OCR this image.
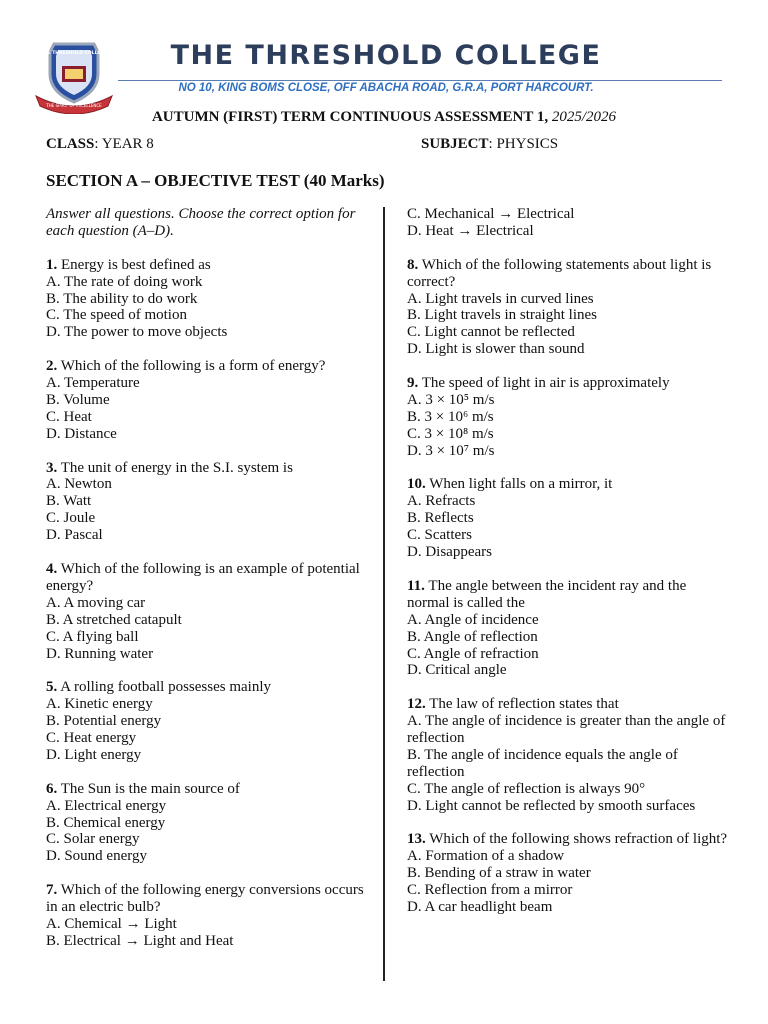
THE THRESHOLD COLLEGE
THE SPIRIT OF EXCELLENCE
THE THRESHOLD COLLEGE
NO 10, KING BOMS CLOSE, OFF ABACHA ROAD, G.R.A, PORT HARCOURT.
AUTUMN (FIRST) TERM CONTINUOUS ASSESSMENT 1, 2025/2026
CLASS: YEAR 8	SUBJECT: PHYSICS
SECTION A – OBJECTIVE TEST (40 Marks)
Answer all questions. Choose the correct option for each question (A–D).
1. Energy is best defined as
A. The rate of doing work
B. The ability to do work
C. The speed of motion
D. The power to move objects
2. Which of the following is a form of energy?
A. Temperature
B. Volume
C. Heat
D. Distance
3. The unit of energy in the S.I. system is
A. Newton
B. Watt
C. Joule
D. Pascal
4. Which of the following is an example of potential energy?
A. A moving car
B. A stretched catapult
C. A flying ball
D. Running water
5. A rolling football possesses mainly
A. Kinetic energy
B. Potential energy
C. Heat energy
D. Light energy
6. The Sun is the main source of
A. Electrical energy
B. Chemical energy
C. Solar energy
D. Sound energy
7. Which of the following energy conversions occurs in an electric bulb?
A. Chemical → Light
B. Electrical → Light and Heat
C. Mechanical → Electrical
D. Heat → Electrical
8. Which of the following statements about light is correct?
A. Light travels in curved lines
B. Light travels in straight lines
C. Light cannot be reflected
D. Light is slower than sound
9. The speed of light in air is approximately
A. 3 × 10⁵ m/s
B. 3 × 10⁶ m/s
C. 3 × 10⁸ m/s
D. 3 × 10⁷ m/s
10. When light falls on a mirror, it
A. Refracts
B. Reflects
C. Scatters
D. Disappears
11. The angle between the incident ray and the normal is called the
A. Angle of incidence
B. Angle of reflection
C. Angle of refraction
D. Critical angle
12. The law of reflection states that
A. The angle of incidence is greater than the angle of reflection
B. The angle of incidence equals the angle of reflection
C. The angle of reflection is always 90°
D. Light cannot be reflected by smooth surfaces
13. Which of the following shows refraction of light?
A. Formation of a shadow
B. Bending of a straw in water
C. Reflection from a mirror
D. A car headlight beam
